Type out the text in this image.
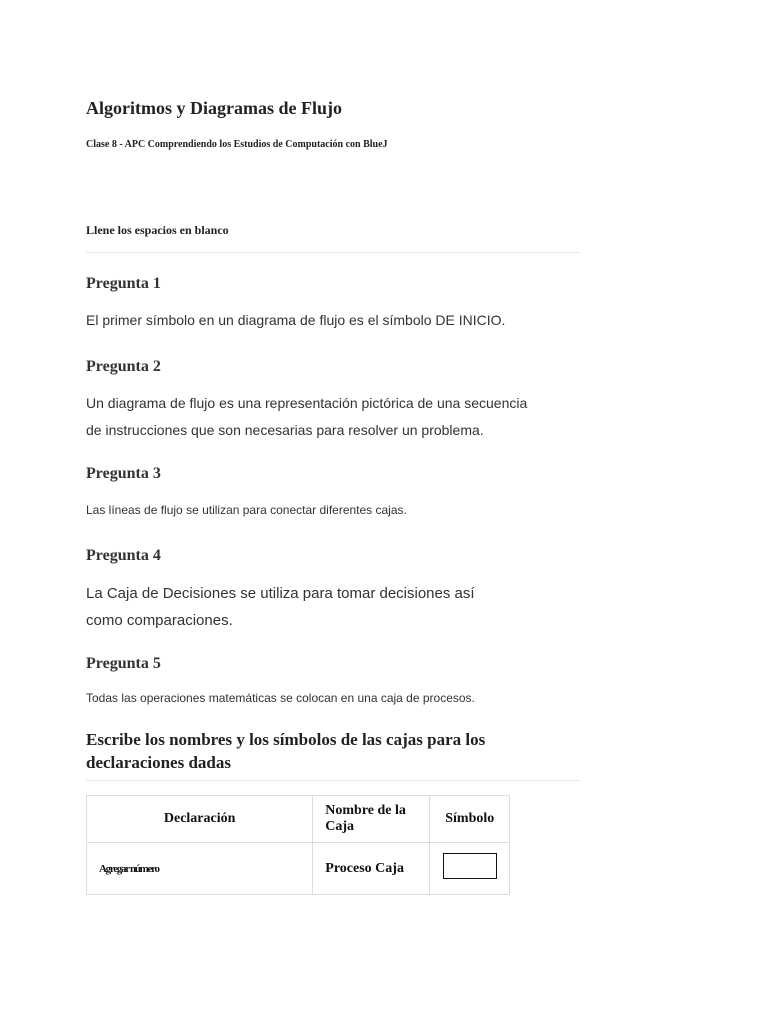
Algoritmos y Diagramas de Flujo
Clase 8 - APC Comprendiendo los Estudios de Computación con BlueJ
Llene los espacios en blanco
Pregunta 1
El primer símbolo en un diagrama de flujo es el símbolo DE INICIO.
Pregunta 2
Un diagrama de flujo es una representación pictórica de una secuencia de instrucciones que son necesarias para resolver un problema.
Pregunta 3
Las líneas de flujo se utilizan para conectar diferentes cajas.
Pregunta 4
La Caja de Decisiones se utiliza para tomar decisiones así como comparaciones.
Pregunta 5
Todas las operaciones matemáticas se colocan en una caja de procesos.
Escribe los nombres y los símbolos de las cajas para los declaraciones dadas
Declaración	Nombre de la Caja	Símbolo
Agregar número	Proceso Caja	
